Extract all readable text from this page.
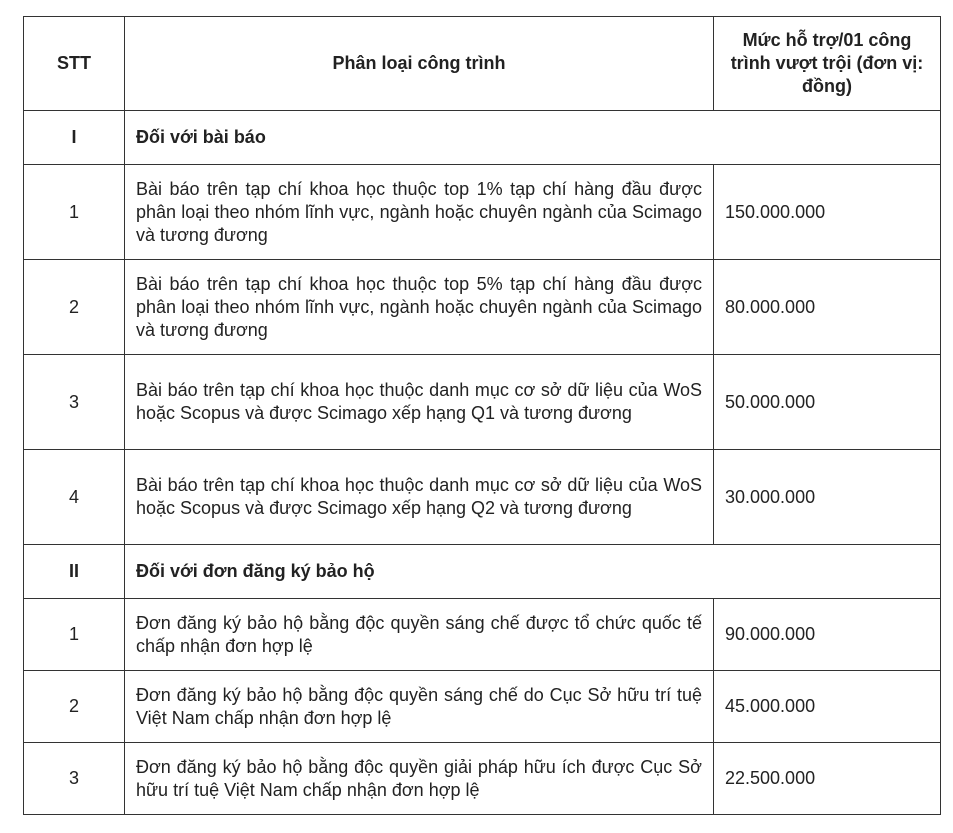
STT	Phân loại công trình	Mức hỗ trợ/01 công trình vượt trội (đơn vị: đồng)
I	Đối với bài báo	
1	Bài báo trên tạp chí khoa học thuộc top 1% tạp chí hàng đầu được phân loại theo nhóm lĩnh vực, ngành hoặc chuyên ngành của Scimago và tương đương	150.000.000
2	Bài báo trên tạp chí khoa học thuộc top 5% tạp chí hàng đầu được phân loại theo nhóm lĩnh vực, ngành hoặc chuyên ngành của Scimago và tương đương	80.000.000
3	Bài báo trên tạp chí khoa học thuộc danh mục cơ sở dữ liệu của WoS hoặc Scopus và được Scimago xếp hạng Q1 và tương đương	50.000.000
4	Bài báo trên tạp chí khoa học thuộc danh mục cơ sở dữ liệu của WoS hoặc Scopus và được Scimago xếp hạng Q2 và tương đương	30.000.000
II	Đối với đơn đăng ký bảo hộ	
1	Đơn đăng ký bảo hộ bằng độc quyền sáng chế được tổ chức quốc tế chấp nhận đơn hợp lệ	90.000.000
2	Đơn đăng ký bảo hộ bằng độc quyền sáng chế do Cục Sở hữu trí tuệ Việt Nam chấp nhận đơn hợp lệ	45.000.000
3	Đơn đăng ký bảo hộ bằng độc quyền giải pháp hữu ích được Cục Sở hữu trí tuệ Việt Nam chấp nhận đơn hợp lệ	22.500.000
